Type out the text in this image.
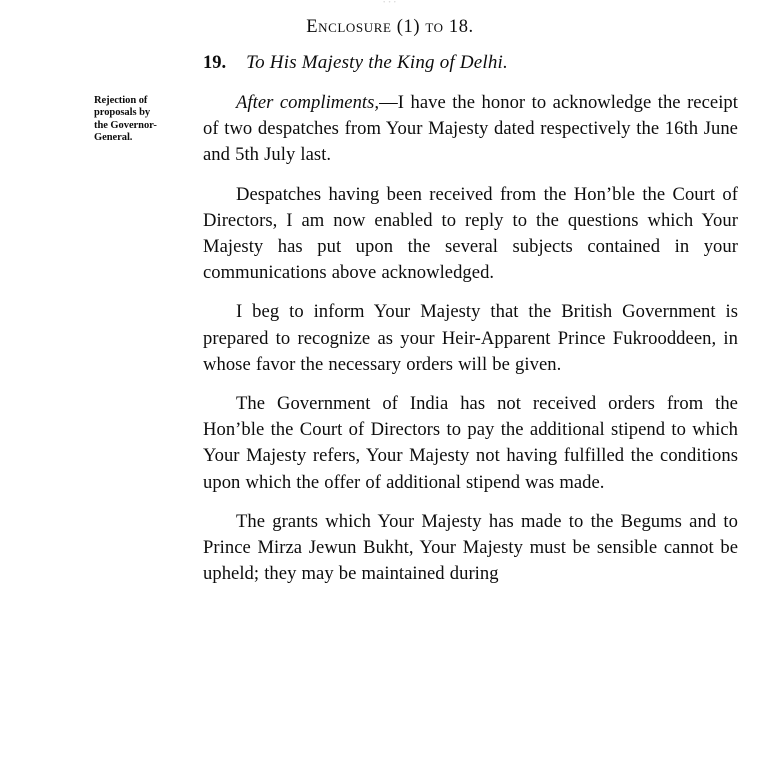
···
Enclosure (1) to 18.
19. To His Majesty the King of Delhi.
Rejection of
proposals by
the Governor-
General.

After compliments,—I have the honor to acknowledge the receipt of two despatches from Your Majesty dated respectively the 16th June and 5th July last.

Despatches having been received from the Hon’ble the Court of Directors, I am now enabled to reply to the questions which Your Majesty has put upon the several subjects contained in your communications above acknowledged.

I beg to inform Your Majesty that the British Government is prepared to recognize as your Heir-Apparent Prince Fukrooddeen, in whose favor the necessary orders will be given.

The Government of India has not received orders from the Hon’ble the Court of Directors to pay the additional stipend to which Your Majesty refers, Your Majesty not having fulfilled the conditions upon which the offer of additional stipend was made.

The grants which Your Majesty has made to the Begums and to Prince Mirza Jewun Bukht, Your Majesty must be sensible cannot be upheld; they may be maintained during
